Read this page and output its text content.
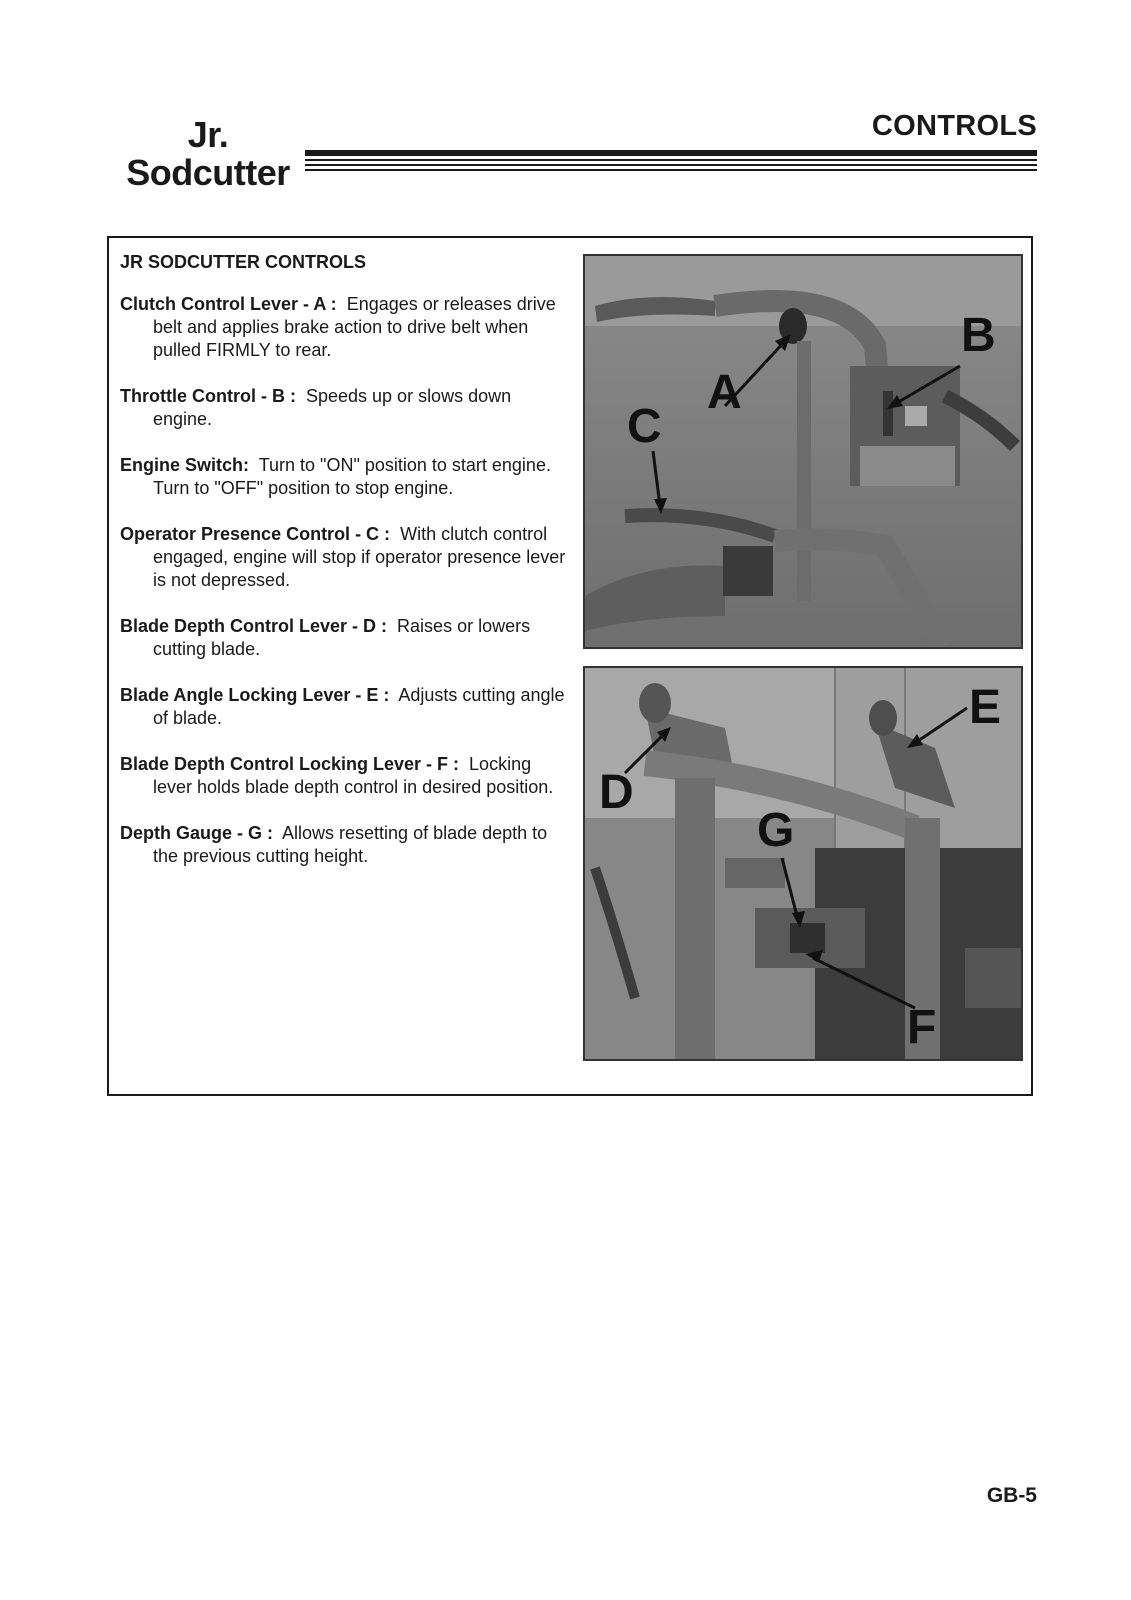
Jr.
Sodcutter
CONTROLS
JR SODCUTTER CONTROLS

Clutch Control Lever - A : Engages or releases drive belt and applies brake action to drive belt when pulled FIRMLY to rear.

Throttle Control - B : Speeds up or slows down engine.

Engine Switch: Turn to "ON" position to start engine. Turn to "OFF" position to stop engine.

Operator Presence Control - C : With clutch control engaged, engine will stop if operator presence lever is not depressed.

Blade Depth Control Lever - D : Raises or lowers cutting blade.

Blade Angle Locking Lever - E : Adjusts cutting angle of blade.

Blade Depth Control Locking Lever - F : Locking lever holds blade depth control in desired position.

Depth Gauge - G : Allows resetting of blade depth to the previous cutting height.

A
B
C
D
E
F
G
GB-5
